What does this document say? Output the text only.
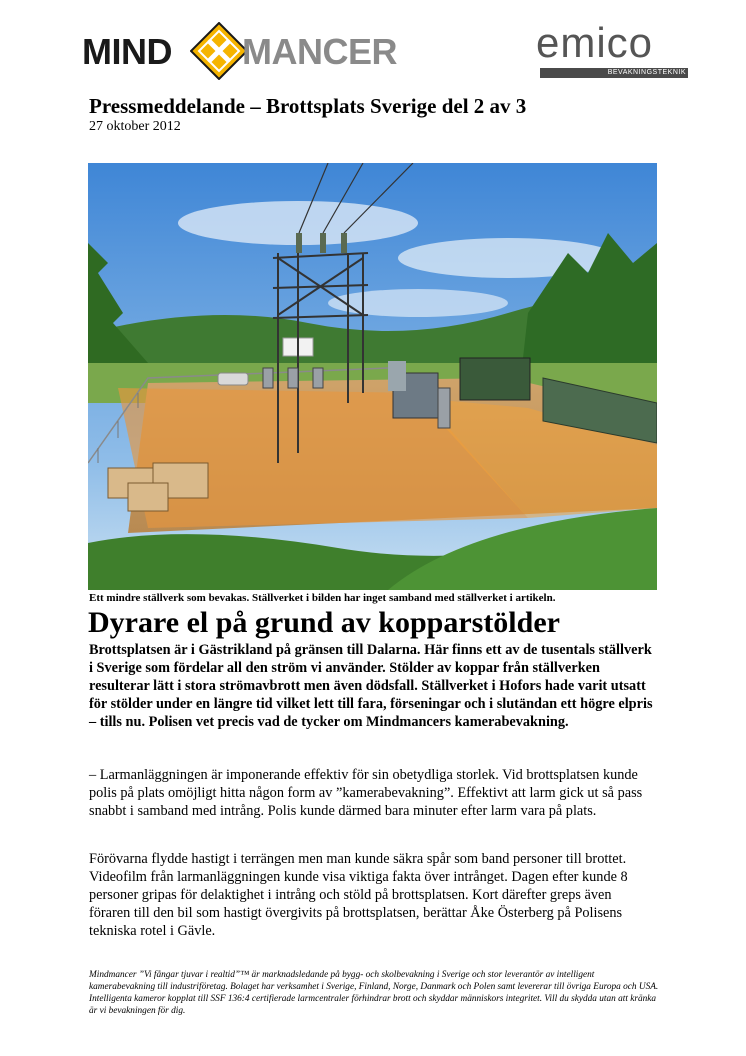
MIND MANCER	emico
BEVAKNINGSTEKNIK
Pressmeddelande – Brottsplats Sverige del 2 av 3
27 oktober 2012
Ett mindre ställverk som bevakas. Ställverket i bilden har inget samband med ställverket i artikeln.
Dyrare el på grund av kopparstölder
Brottsplatsen är i Gästrikland på gränsen till Dalarna. Här finns ett av de tusentals ställverk i Sverige som fördelar all den ström vi använder. Stölder av koppar från ställverken resulterar lätt i stora strömavbrott men även dödsfall. Ställverket i Hofors hade varit utsatt för stölder under en längre tid vilket lett till fara, förseningar och i slutändan ett högre elpris – tills nu. Polisen vet precis vad de tycker om Mindmancers kamerabevakning.
– Larmanläggningen är imponerande effektiv för sin obetydliga storlek. Vid brottsplatsen kunde polis på plats omöjligt hitta någon form av ”kamerabevakning”. Effektivt att larm gick ut så pass snabbt i samband med intrång. Polis kunde därmed bara minuter efter larm vara på plats.
Förövarna flydde hastigt i terrängen men man kunde säkra spår som band personer till brottet. Videofilm från larmanläggningen kunde visa viktiga fakta över intrånget. Dagen efter kunde 8 personer gripas för delaktighet i intrång och stöld på brottsplatsen. Kort därefter greps även föraren till den bil som hastigt övergivits på brottsplatsen, berättar Åke Österberg på Polisens tekniska rotel i Gävle.
Mindmancer ”Vi fångar tjuvar i realtid”™ är marknadsledande på bygg- och skolbevakning i Sverige och stor leverantör av intelligent kamerabevakning till industriföretag. Bolaget har verksamhet i Sverige, Finland, Norge, Danmark och Polen samt levererar till övriga Europa och USA. Intelligenta kameror kopplat till SSF 136:4 certifierade larmcentraler förhindrar brott och skyddar människors integritet. Vill du skydda utan att kränka är vi bevakningen för dig.
